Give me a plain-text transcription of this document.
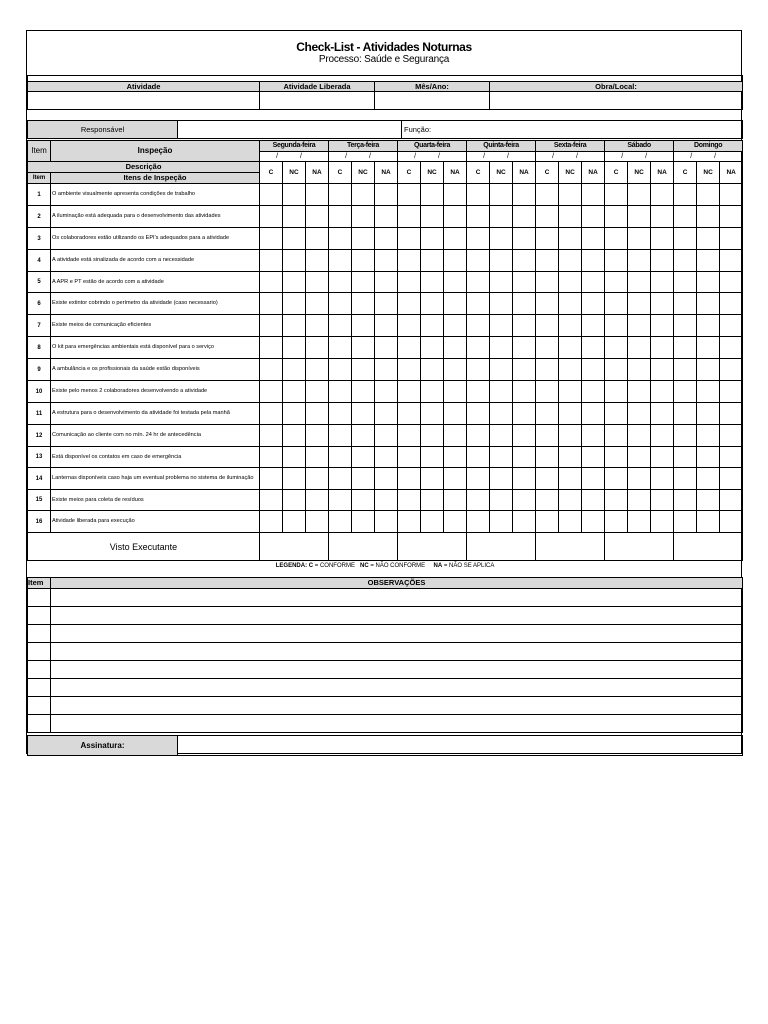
Check-List - Atividades Noturnas
Processo: Saúde e Segurança

Atividade	Atividade Liberada	Mês/Ano:	Obra/Local:

Responsável		Função:	
Item	Inspeção	Segunda-feira			Terça-feira			Quarta-feira			Quinta-feira			Sexta-feira			Sábado			Domingo		
		/ /			/ /			/ /			/ /			/ /			/ /			/ /		
Descrição		C	NC	NA	C	NC	NA	C	NC	NA	C	NC	NA	C	NC	NA	C	NC	NA	C	NC	NA
Item	Itens de Inspeção																					
1	O ambiente visualmente apresenta condições de trabalho																					
2	A iluminação está adequada para o desenvolvimento das atividades																					
3	Os colaboradores estão utilizando os EPI's adequados para a atividade																					
4	A atividade está sinalizada de acordo com a necessidade																					
5	A APR e PT estão de acordo com a atividade																					
6	Existe extintor cobrindo o perímetro da atividade (caso necessario)																					
7	Existe meios de comunicação eficientes																					
8	O kit para emergências ambientais está disponível para o serviço																					
9	A ambulância e os profissionais da saúde estão disponíveis																					
10	Existe pelo menos 2 colaboradores desenvolvendo a atividade																					
11	A estrutura para o desenvolvimento da atividade foi testada pela manhã																					
12	Comunicação ao cliente com no mín. 24 hr de antecedência																					
13	Está disponível os contatos em caso de emergência																					
14	Lanternas disponíveis caso haja um eventual problema no sistema de iluminação																					
15	Existe meios para coleta de resíduos																					
16	Atividade liberada para execução																					
Visto Executante																						
LEGENDA: C = CONFORME NC = NÃO CONFORME NA = NÃO SE APLICA																						
Item	OBSERVAÇÕES

Assinatura:	
